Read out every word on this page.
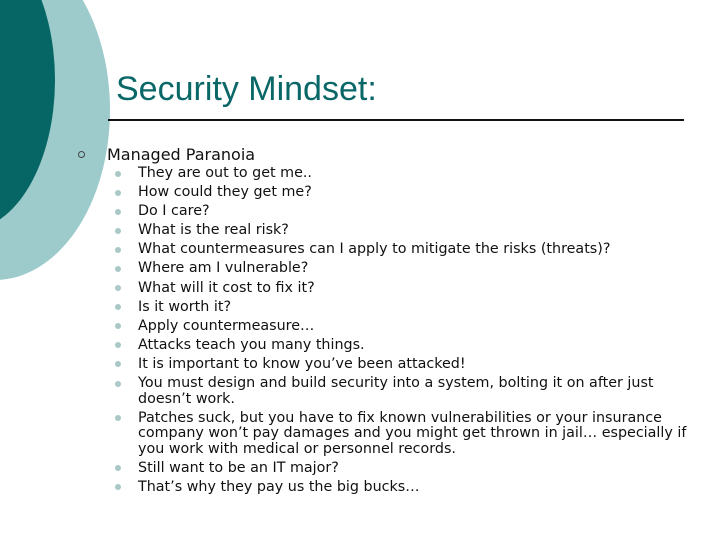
Security Mindset:
Managed Paranoia
They are out to get me..
How could they get me?
Do I care?
What is the real risk?
What countermeasures can I apply to mitigate the risks (threats)?
Where am I vulnerable?
What will it cost to fix it?
Is it worth it?
Apply countermeasure…
Attacks teach you many things.
It is important to know you’ve been attacked!
You must design and build security into a system, bolting it on after just doesn’t work.
Patches suck, but you have to fix known vulnerabilities or your insurance company won’t pay damages and you might get thrown in jail… especially if you work with medical or personnel records.
Still want to be an IT major?
That’s why they pay us the big bucks…
